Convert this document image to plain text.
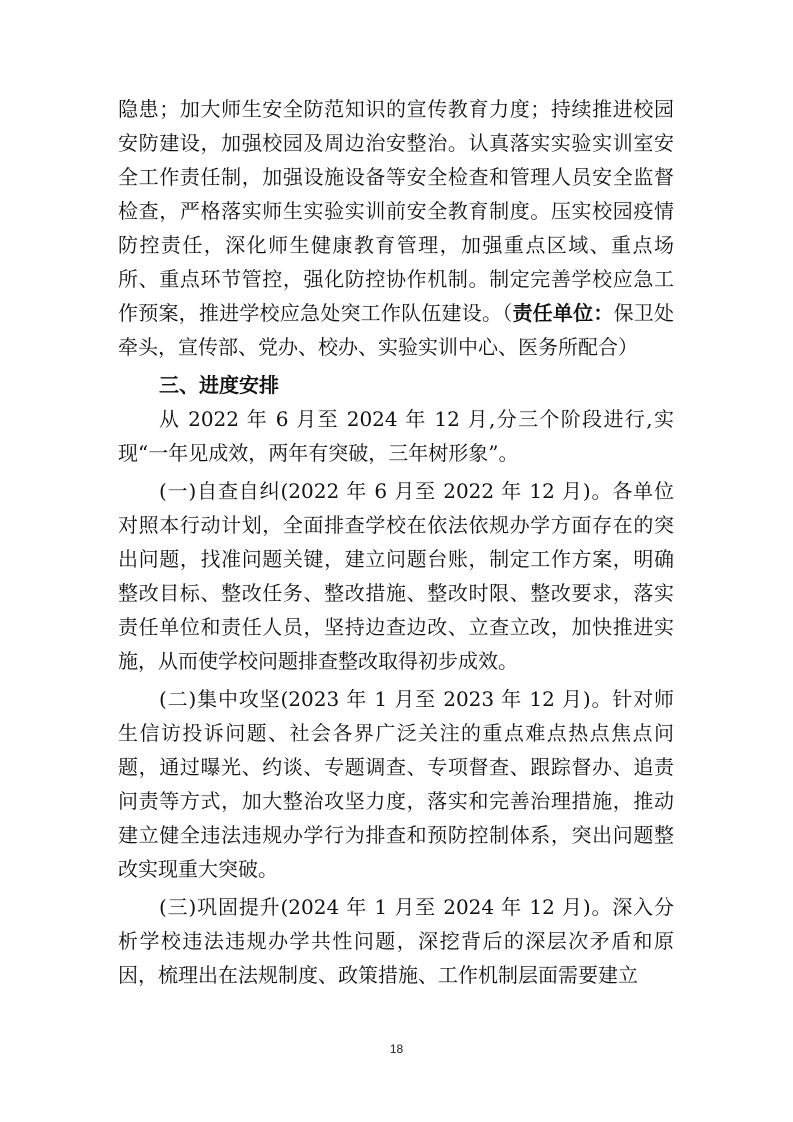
隐患；加大师生安全防范知识的宣传教育力度；持续推进校园安防建设，加强校园及周边治安整治。认真落实实验实训室安全工作责任制，加强设施设备等安全检查和管理人员安全监督检查，严格落实师生实验实训前安全教育制度。压实校园疫情防控责任，深化师生健康教育管理，加强重点区域、重点场所、重点环节管控，强化防控协作机制。制定完善学校应急工作预案，推进学校应急处突工作队伍建设。（责任单位：保卫处牵头，宣传部、党办、校办、实验实训中心、医务所配合）

三、进度安排

从 2022 年 6 月至 2024 年 12 月,分三个阶段进行,实现“一年见成效，两年有突破，三年树形象”。

(一)自查自纠(2022 年 6 月至 2022 年 12 月)。各单位对照本行动计划，全面排查学校在依法依规办学方面存在的突出问题，找准问题关键，建立问题台账，制定工作方案，明确整改目标、整改任务、整改措施、整改时限、整改要求，落实责任单位和责任人员，坚持边查边改、立查立改，加快推进实施，从而使学校问题排查整改取得初步成效。

(二)集中攻坚(2023 年 1 月至 2023 年 12 月)。针对师生信访投诉问题、社会各界广泛关注的重点难点热点焦点问题，通过曝光、约谈、专题调查、专项督查、跟踪督办、追责问责等方式，加大整治攻坚力度，落实和完善治理措施，推动建立健全违法违规办学行为排查和预防控制体系，突出问题整改实现重大突破。

(三)巩固提升(2024 年 1 月至 2024 年 12 月)。深入分析学校违法违规办学共性问题，深挖背后的深层次矛盾和原因，梳理出在法规制度、政策措施、工作机制层面需要建立

18
